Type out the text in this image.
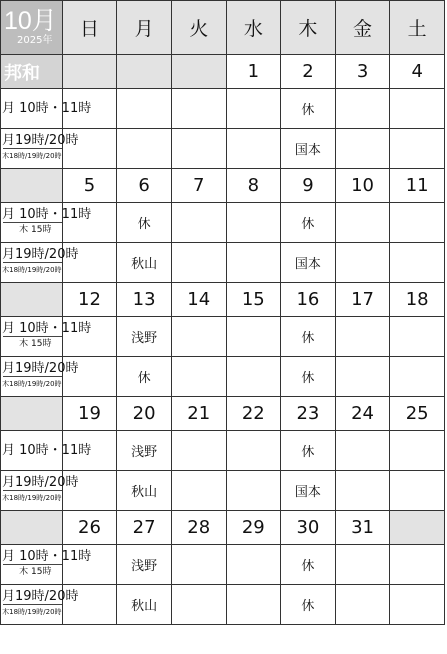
10月
2025年	日	月	火	水	木	金	土
邦和				1	2	3	4

月 10時・11時					休		

月19時/20時
木18時/19時/20時					国本		
	5	6	7	8	9	10	11

月 10時・11時
木 15時		休			休		

月19時/20時
木18時/19時/20時		秋山			国本		
	12	13	14	15	16	17	18

月 10時・11時
木 15時		浅野			休		

月19時/20時
木18時/19時/20時		休			休		
	19	20	21	22	23	24	25

月 10時・11時		浅野			休		

月19時/20時
木18時/19時/20時		秋山			国本		
	26	27	28	29	30	31	

月 10時・11時
木 15時		浅野			休		

月19時/20時
木18時/19時/20時		秋山			休		
